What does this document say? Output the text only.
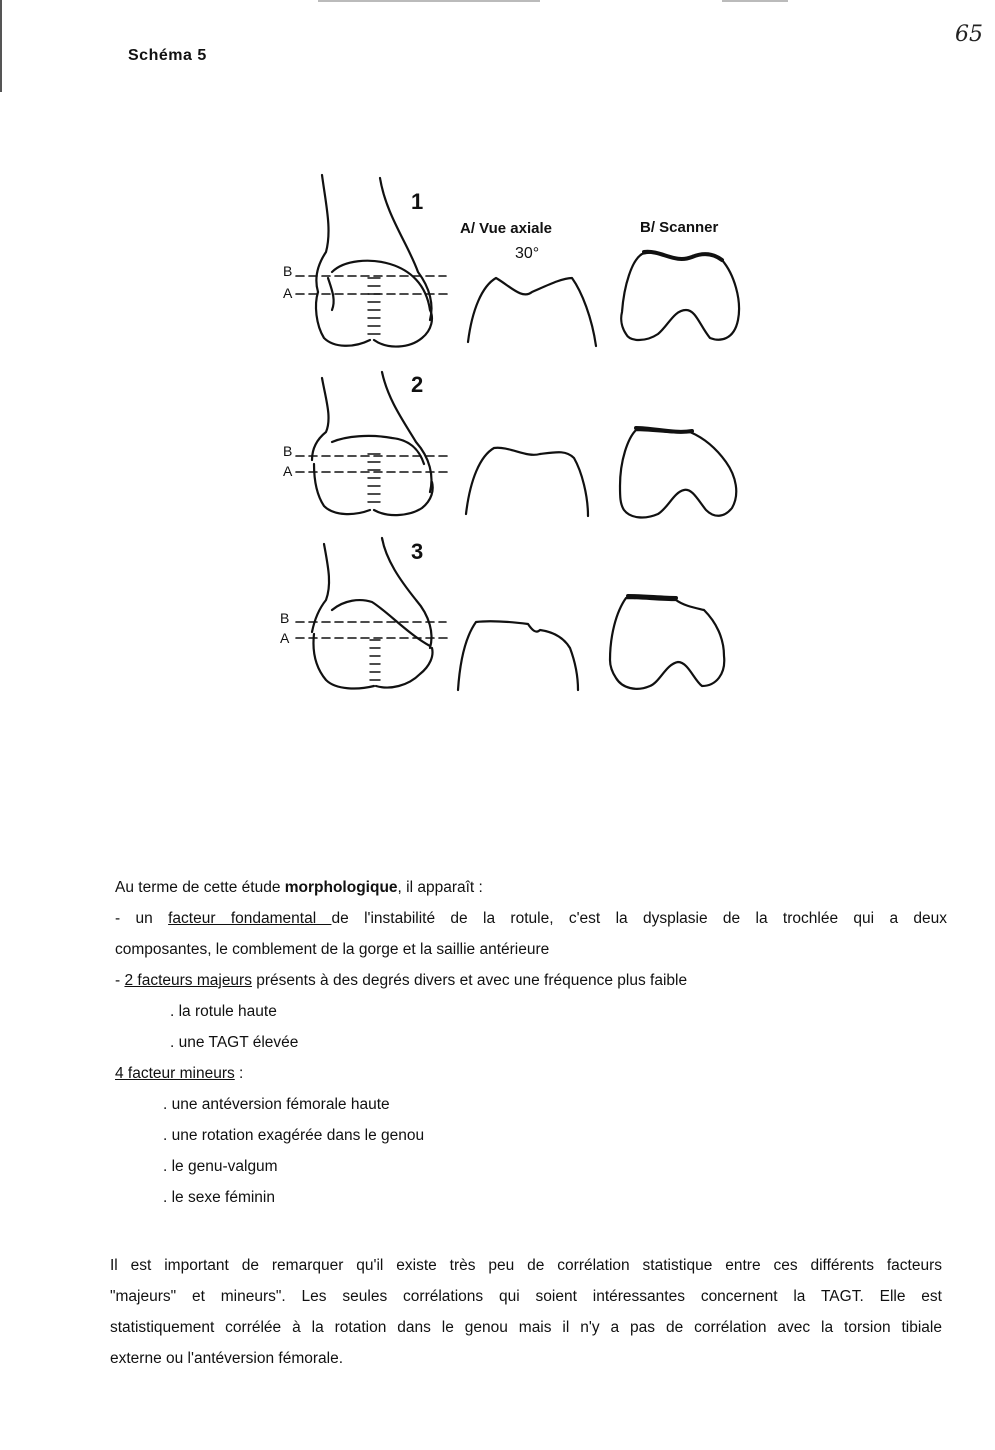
65
Schéma 5
1
2
3
A/ Vue axiale
30°
B/ Scanner
B
A
B
A
B
A

Au terme de cette étude morphologique, il apparaît :

- un facteur fondamental de l'instabilité de la rotule, c'est la dysplasie de la trochlée qui a deux

composantes, le comblement de la gorge et la saillie antérieure

- 2 facteurs majeurs présents à des degrés divers et avec une fréquence plus faible

. la rotule haute

. une TAGT élevée

4 facteur mineurs :

. une antéversion fémorale haute

. une rotation exagérée dans le genou

. le genu-valgum

. le sexe féminin

Il est important de remarquer qu'il existe très peu de corrélation statistique entre ces différents facteurs

"majeurs" et mineurs". Les seules corrélations qui soient intéressantes concernent la TAGT. Elle est

statistiquement corrélée à la rotation dans le genou mais il n'y a pas de corrélation avec la torsion tibiale

externe ou l'antéversion fémorale.
